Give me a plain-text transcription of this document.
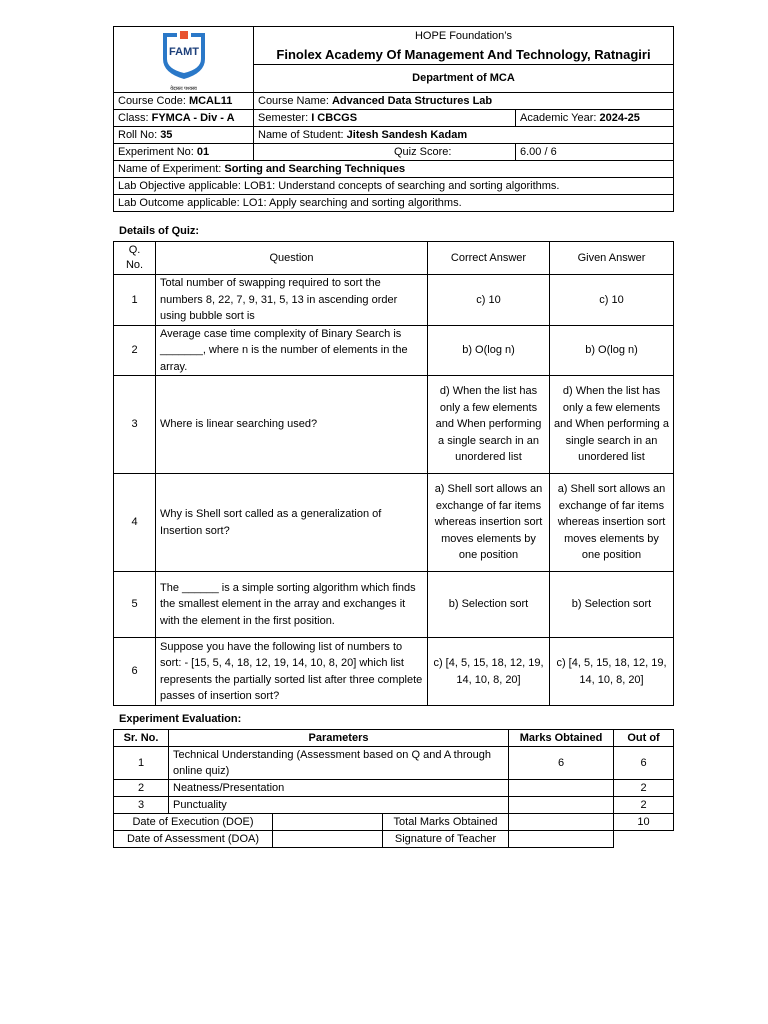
FAMT
वेदास्‍तः पश्‍यस्‍व	HOPE Foundation’s	
	Finolex Academy Of Management And Technology, Ratnagiri	
	Department of MCA	
Course Code: MCAL11	Course Name: Advanced Data Structures Lab	
Class: FYMCA - Div - A	Semester: I CBCGS	Academic Year: 2024-25
Roll No: 35	Name of Student: Jitesh Sandesh Kadam	
Experiment No: 01	Quiz Score:	6.00 / 6
Name of Experiment: Sorting and Searching Techniques		
Lab Objective applicable: LOB1: Understand concepts of searching and sorting algorithms.		
Lab Outcome applicable: LO1: Apply searching and sorting algorithms.		
Details of Quiz:
Q.
No.	Question	Correct Answer	Given Answer
1	Total number of swapping required to sort the numbers 8, 22, 7, 9, 31, 5, 13 in ascending order using bubble sort is	c) 10	c) 10
2	Average case time complexity of Binary Search is _______, where n is the number of elements in the array.	b) O(log n)	b) O(log n)
3	Where is linear searching used?	d) When the list has only a few elements and When performing a single search in an unordered list	d) When the list has only a few elements and When performing a single search in an unordered list
4	Why is Shell sort called as a generalization of Insertion sort?	a) Shell sort allows an exchange of far items whereas insertion sort moves elements by one position	a) Shell sort allows an exchange of far items whereas insertion sort moves elements by one position
5	The ______ is a simple sorting algorithm which finds the smallest element in the array and exchanges it with the element in the first position.	b) Selection sort	b) Selection sort
6	Suppose you have the following list of numbers to sort: - [15, 5, 4, 18, 12, 19, 14, 10, 8, 20] which list represents the partially sorted list after three complete passes of insertion sort?	c) [4, 5, 15, 18, 12, 19, 14, 10, 8, 20]	c) [4, 5, 15, 18, 12, 19, 14, 10, 8, 20]
Experiment Evaluation:
Sr. No.	Parameters			Marks Obtained	Out of
1	Technical Understanding (Assessment based on Q and A through online quiz)			6	6
2	Neatness/Presentation				2
3	Punctuality				2
Date of Execution (DOE)			Total Marks Obtained		10
Date of Assessment (DOA)			Signature of Teacher		
